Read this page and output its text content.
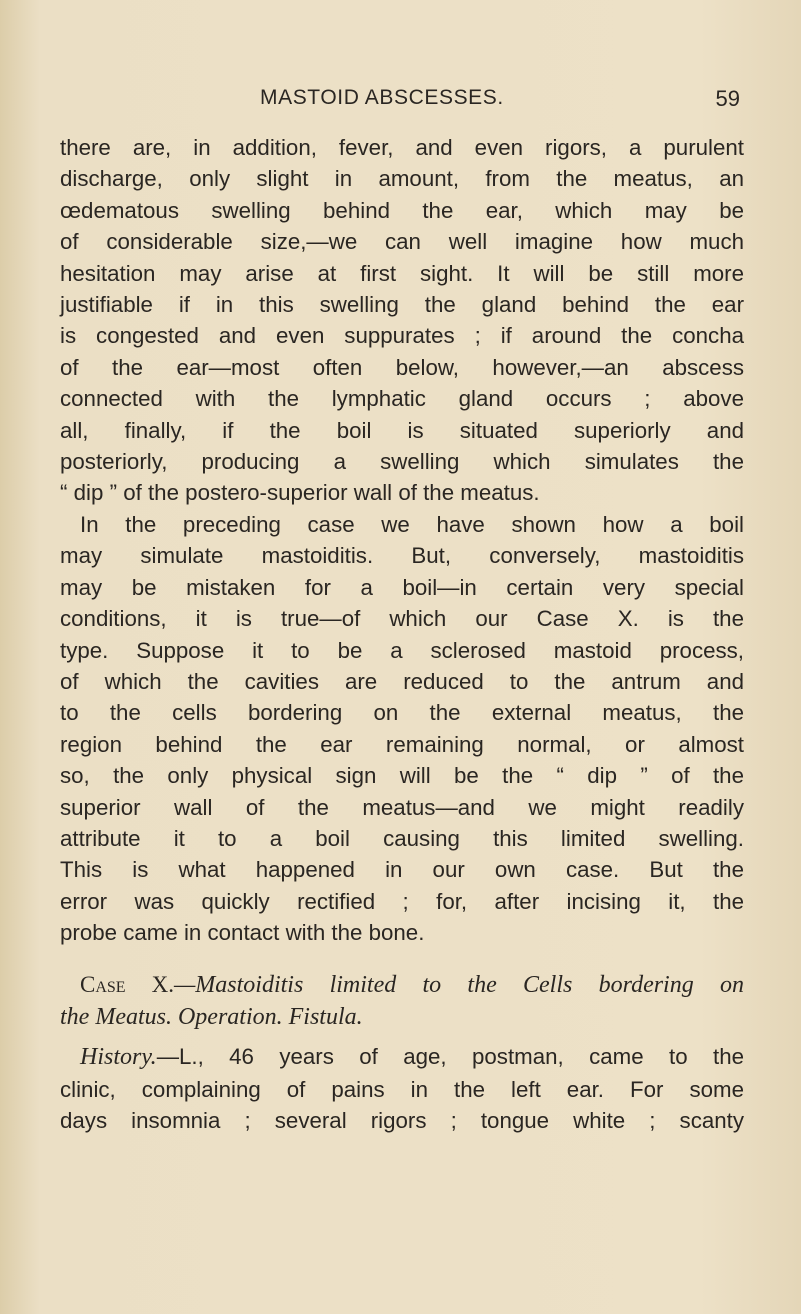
MASTOID ABSCESSES.	59
there are, in addition, fever, and even rigors, a purulent
discharge, only slight in amount, from the meatus, an
œdematous swelling behind the ear, which may be
of considerable size,—we can well imagine how much
hesitation may arise at first sight. It will be still more
justifiable if in this swelling the gland behind the ear
is congested and even suppurates ; if around the concha
of the ear—most often below, however,—an abscess
connected with the lymphatic gland occurs ; above
all, finally, if the boil is situated superiorly and
posteriorly, producing a swelling which simulates the
“ dip ” of the postero-superior wall of the meatus.
In the preceding case we have shown how a boil
may simulate mastoiditis. But, conversely, mastoiditis
may be mistaken for a boil—in certain very special
conditions, it is true—of which our Case X. is the
type. Suppose it to be a sclerosed mastoid process,
of which the cavities are reduced to the antrum and
to the cells bordering on the external meatus, the
region behind the ear remaining normal, or almost
so, the only physical sign will be the “ dip ” of the
superior wall of the meatus—and we might readily
attribute it to a boil causing this limited swelling.
This is what happened in our own case. But the
error was quickly rectified ; for, after incising it, the
probe came in contact with the bone.
Case X.—Mastoiditis limited to the Cells bordering on
the Meatus. Operation. Fistula.
History.—L., 46 years of age, postman, came to the
clinic, complaining of pains in the left ear. For some
days insomnia ; several rigors ; tongue white ; scanty
